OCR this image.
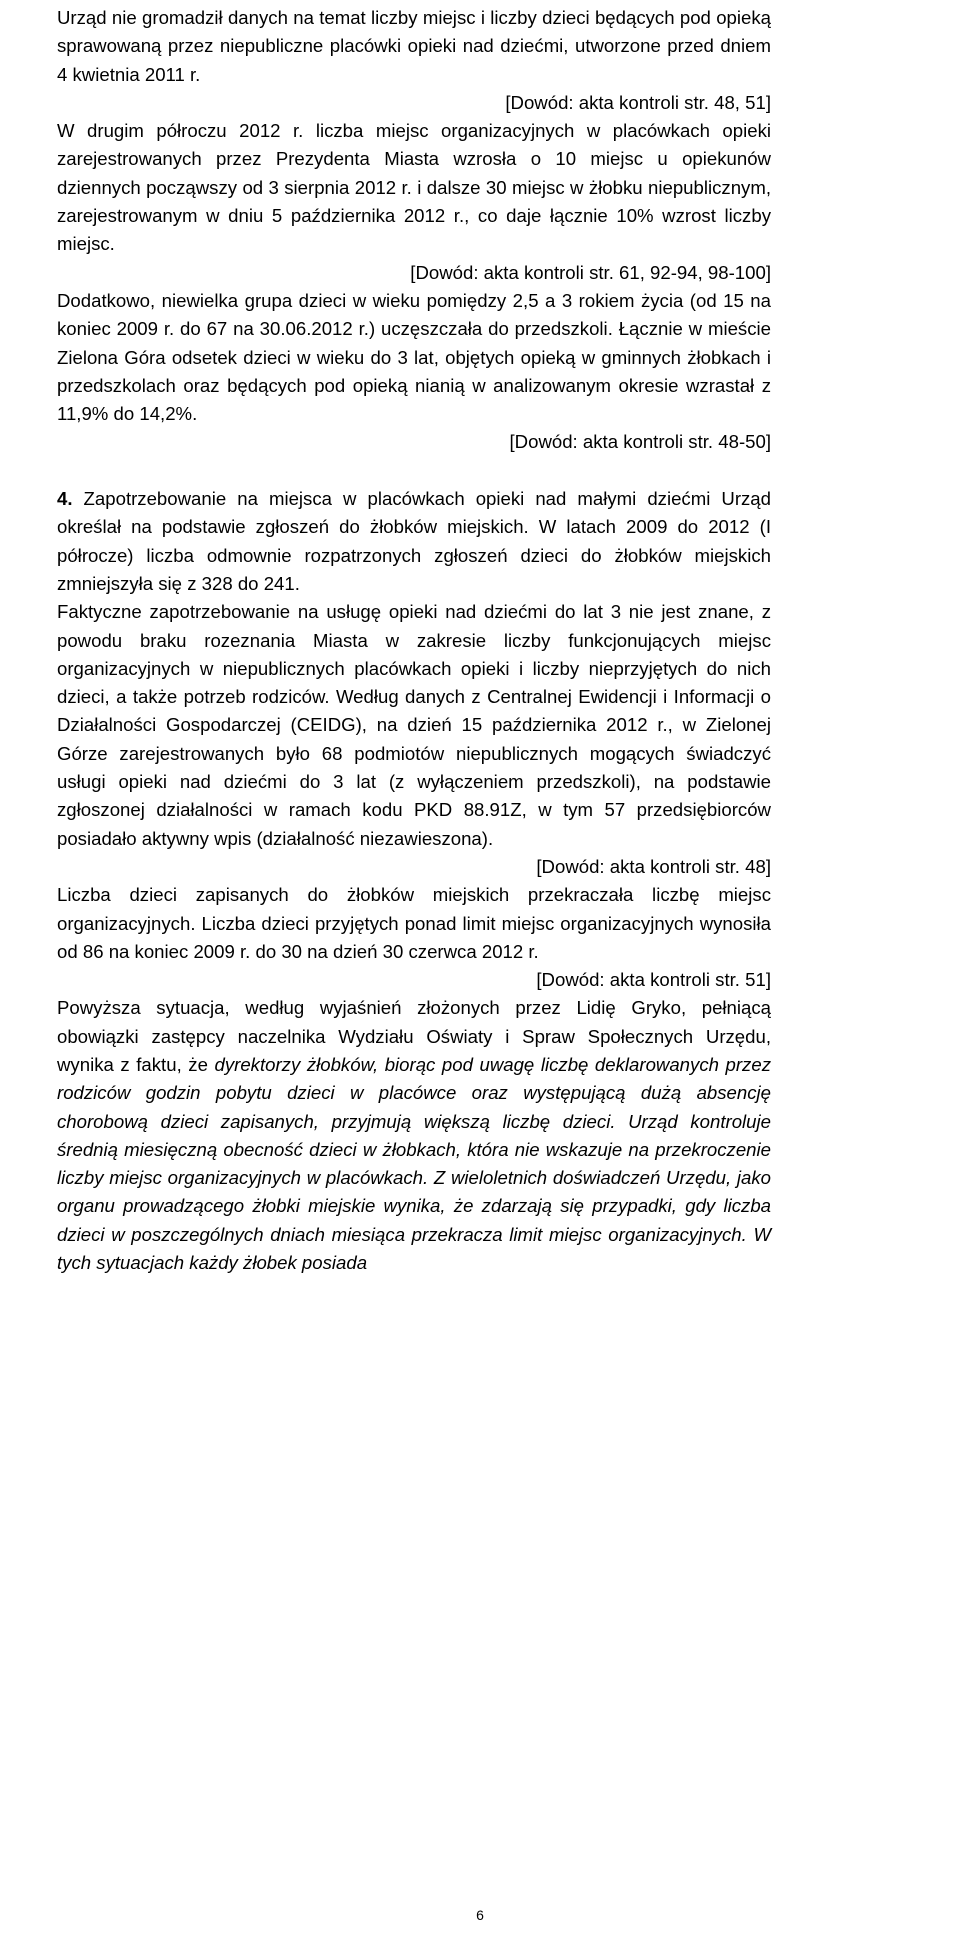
Urząd nie gromadził danych na temat liczby miejsc i liczby dzieci będących pod opieką sprawowaną przez niepubliczne placówki opieki nad dziećmi, utworzone przed dniem 4 kwietnia 2011 r.

[Dowód: akta kontroli str. 48, 51]

W drugim półroczu 2012 r. liczba miejsc organizacyjnych w placówkach opieki zarejestrowanych przez Prezydenta Miasta wzrosła o 10 miejsc u opiekunów dziennych począwszy od 3 sierpnia 2012 r. i dalsze 30 miejsc w żłobku niepublicznym, zarejestrowanym w dniu 5 października 2012 r., co daje łącznie 10% wzrost liczby miejsc.

[Dowód: akta kontroli str. 61, 92-94, 98-100]

Dodatkowo, niewielka grupa dzieci w wieku pomiędzy 2,5 a 3 rokiem życia (od 15 na koniec 2009 r. do 67 na 30.06.2012 r.) uczęszczała do przedszkoli. Łącznie w mieście Zielona Góra odsetek dzieci w wieku do 3 lat, objętych opieką w gminnych żłobkach i przedszkolach oraz będących pod opieką nianią w analizowanym okresie wzrastał z 11,9% do 14,2%.

[Dowód: akta kontroli str. 48-50]

4. Zapotrzebowanie na miejsca w placówkach opieki nad małymi dziećmi Urząd określał na podstawie zgłoszeń do żłobków miejskich. W latach 2009 do 2012 (I półrocze) liczba odmownie rozpatrzonych zgłoszeń dzieci do żłobków miejskich zmniejszyła się z 328 do 241.

Faktyczne zapotrzebowanie na usługę opieki nad dziećmi do lat 3 nie jest znane, z powodu braku rozeznania Miasta w zakresie liczby funkcjonujących miejsc organizacyjnych w niepublicznych placówkach opieki i liczby nieprzyjętych do nich dzieci, a także potrzeb rodziców. Według danych z Centralnej Ewidencji i Informacji o Działalności Gospodarczej (CEIDG), na dzień 15 października 2012 r., w Zielonej Górze zarejestrowanych było 68 podmiotów niepublicznych mogących świadczyć usługi opieki nad dziećmi do 3 lat (z wyłączeniem przedszkoli), na podstawie zgłoszonej działalności w ramach kodu PKD 88.91Z, w tym 57 przedsiębiorców posiadało aktywny wpis (działalność niezawieszona).

[Dowód: akta kontroli str. 48]

Liczba dzieci zapisanych do żłobków miejskich przekraczała liczbę miejsc organizacyjnych. Liczba dzieci przyjętych ponad limit miejsc organizacyjnych wynosiła od 86 na koniec 2009 r. do 30 na dzień 30 czerwca 2012 r.

[Dowód: akta kontroli str. 51]

Powyższa sytuacja, według wyjaśnień złożonych przez Lidię Gryko, pełniącą obowiązki zastępcy naczelnika Wydziału Oświaty i Spraw Społecznych Urzędu, wynika z faktu, że dyrektorzy żłobków, biorąc pod uwagę liczbę deklarowanych przez rodziców godzin pobytu dzieci w placówce oraz występującą dużą absencję chorobową dzieci zapisanych, przyjmują większą liczbę dzieci. Urząd kontroluje średnią miesięczną obecność dzieci w żłobkach, która nie wskazuje na przekroczenie liczby miejsc organizacyjnych w placówkach. Z wieloletnich doświadczeń Urzędu, jako organu prowadzącego żłobki miejskie wynika, że zdarzają się przypadki, gdy liczba dzieci w poszczególnych dniach miesiąca przekracza limit miejsc organizacyjnych. W tych sytuacjach każdy żłobek posiada

6
